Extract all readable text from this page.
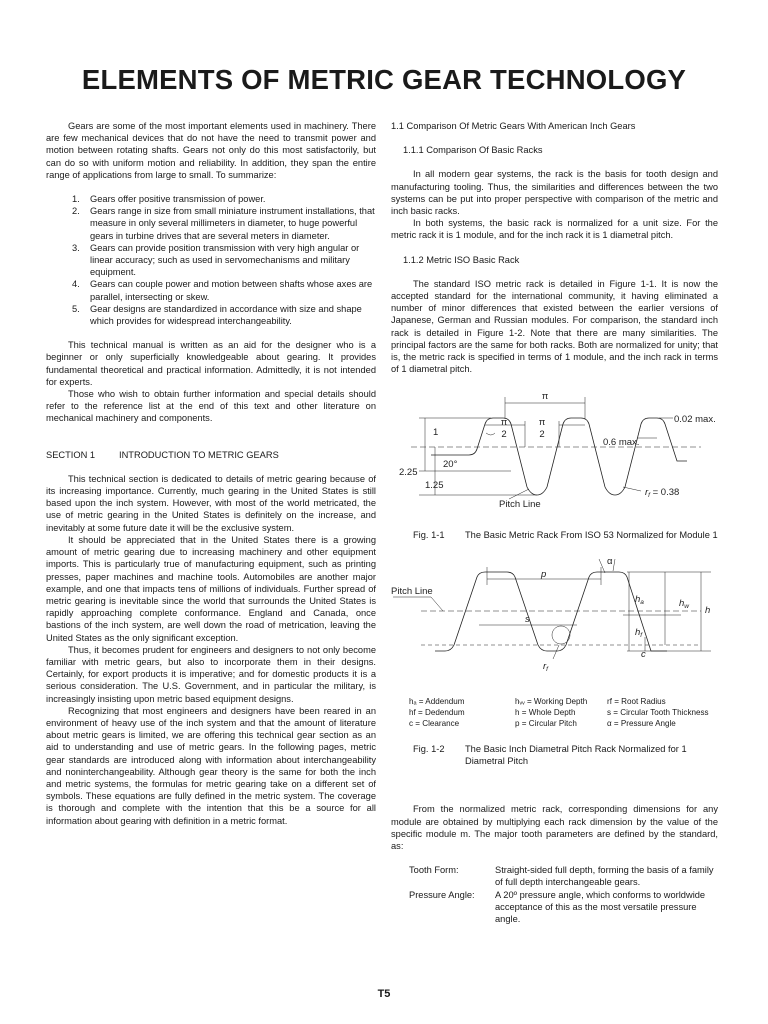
ELEMENTS OF METRIC GEAR TECHNOLOGY

Gears are some of the most important elements used in machinery. There are few mechanical devices that do not have the need to transmit power and motion between rotating shafts. Gears not only do this most satisfactorily, but can do so with uniform motion and reliability. In addition, they span the entire range of applications from large to small. To summarize:

1. Gears offer positive transmission of power.
2. Gears range in size from small miniature instrument installations, that measure in only several millimeters in diameter, to huge powerful gears in turbine drives that are several meters in diameter.
3. Gears can provide position transmission with very high angular or linear accuracy; such as used in servomechanisms and military equipment.
4. Gears can couple power and motion between shafts whose axes are parallel, intersecting or skew.
5. Gear designs are standardized in accordance with size and shape which provides for widespread interchangeability.

This technical manual is written as an aid for the designer who is a beginner or only superficially knowledgeable about gearing. It provides fundamental theoretical and practical information. Admittedly, it is not intended for experts.

Those who wish to obtain further information and special details should refer to the reference list at the end of this text and other literature on mechanical machinery and components.

SECTION 1	INTRODUCTION TO METRIC GEARS

This technical section is dedicated to details of metric gearing because of its increasing importance. Currently, much gearing in the United States is still based upon the inch system. However, with most of the world metricated, the use of metric gearing in the United States is definitely on the increase, and inevitably at some future date it will be the exclusive system.

It should be appreciated that in the United States there is a growing amount of metric gearing due to increasing machinery and other equipment imports. This is particularly true of manufacturing equipment, such as printing presses, paper machines and machine tools. Automobiles are another major example, and one that impacts tens of millions of individuals. Further spread of metric gearing is inevitable since the world that surrounds the United States is rapidly approaching complete conformance. England and Canada, once bastions of the inch system, are well down the road of metrication, leaving the United States as the only significant exception.

Thus, it becomes prudent for engineers and designers to not only become familiar with metric gears, but also to incorporate them in their designs. Certainly, for export products it is imperative; and for domestic products it is a serious consideration. The U.S. Government, and in particular the military, is increasingly insisting upon metric based equipment designs.

Recognizing that most engineers and designers have been reared in an environment of heavy use of the inch system and that the amount of literature about metric gears is limited, we are offering this technical gear section as an aid to understanding and use of metric gears. In the following pages, metric gear standards are introduced along with information about interchangeability and noninterchangeability. Although gear theory is the same for both the inch and metric systems, the formulas for metric gearing take on a different set of symbols. These equations are fully defined in the metric system. The coverage is thorough and complete with the intention that this be a source for all information about gearing with definition in a metric format.

1.1 Comparison Of Metric Gears With American Inch Gears
1.1.1 Comparison Of Basic Racks

In all modern gear systems, the rack is the basis for tooth design and manufacturing tooling. Thus, the similarities and differences between the two systems can be put into proper perspective with comparison of the metric and inch basic racks.

In both systems, the basic rack is normalized for a unit size. For the metric rack it is 1 module, and for the inch rack it is 1 diametral pitch.

1.1.2 Metric ISO Basic Rack

The standard ISO metric rack is detailed in Figure 1-1. It is now the accepted standard for the international community, it having eliminated a number of minor differences that existed between the earlier versions of Japanese, German and Russian modules. For comparison, the standard inch rack is detailed in Figure 1-2. Note that there are many similarities. The principal factors are the same for both racks. Both are normalized for unity; that is, the metric rack is specified in terms of 1 module, and the inch rack in terms of 1 diametral pitch.

π
π
2
π
2
1
2.25
1.25
20°
0.02 max.
0.6 max.
Pitch Line
$r_f = 0.38$
Fig. 1-1	The Basic Metric Rack From ISO 53 Normalized for Module 1
α
p
$h_a$	$h_w$ h
$h_f$
s
c
$r_f$
Pitch Line
hₐ = Addendum	hᵥᵥ = Working Depth	rf = Root Radius
hf = Dedendum	h = Whole Depth	s = Circular Tooth Thickness
c = Clearance	p = Circular Pitch	α = Pressure Angle
Fig. 1-2	The Basic Inch Diametral Pitch Rack Normalized for 1 Diametral Pitch

From the normalized metric rack, corresponding dimensions for any module are obtained by multiplying each rack dimension by the value of the specific module m. The major tooth parameters are defined by the standard, as:

Tooth Form:	Straight-sided full depth, forming the basis of a family of full depth interchangeable gears.
Pressure Angle:	A 20º pressure angle, which conforms to worldwide acceptance of this as the most versatile pressure angle.
T5
